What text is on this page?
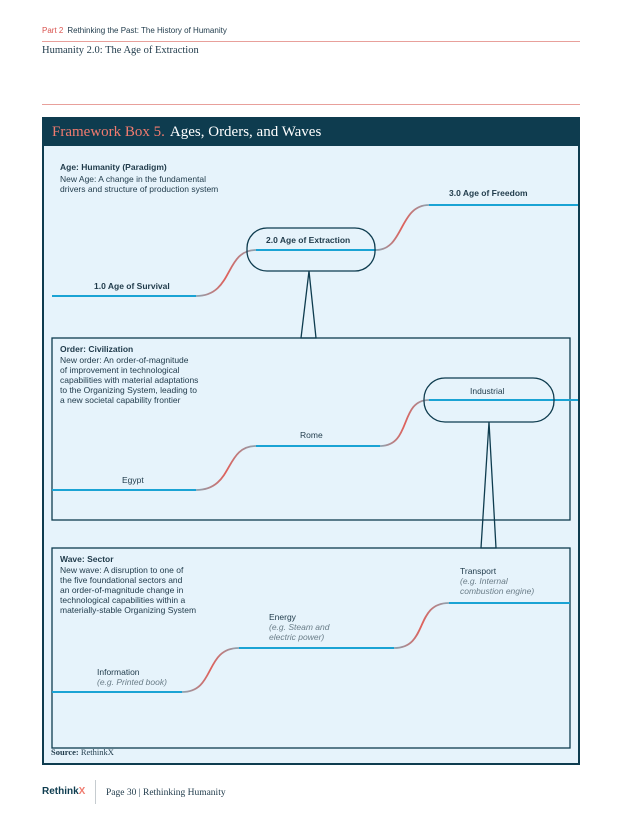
Part 2 Rethinking the Past: The History of Humanity
Humanity 2.0: The Age of Extraction
Framework Box 5. Ages, Orders, and Waves
Age: Humanity (Paradigm)
New Age: A change in the fundamental
drivers and structure of production system
1.0 Age of Survival
2.0 Age of Extraction
3.0 Age of Freedom
Order: Civilization
New order: An order-of-magnitude
of improvement in technological
capabilities with material adaptations
to the Organizing System, leading to
a new societal capability frontier
Egypt
Rome
Industrial
Wave: Sector
New wave: A disruption to one of
the five foundational sectors and
an order-of-magnitude change in
technological capabilities within a
materially-stable Organizing System
Information
(e.g. Printed book)
Energy
(e.g. Steam and
electric power)
Transport
(e.g. Internal
combustion engine)
Source: RethinkX
RethinkX Page 30 | Rethinking Humanity
